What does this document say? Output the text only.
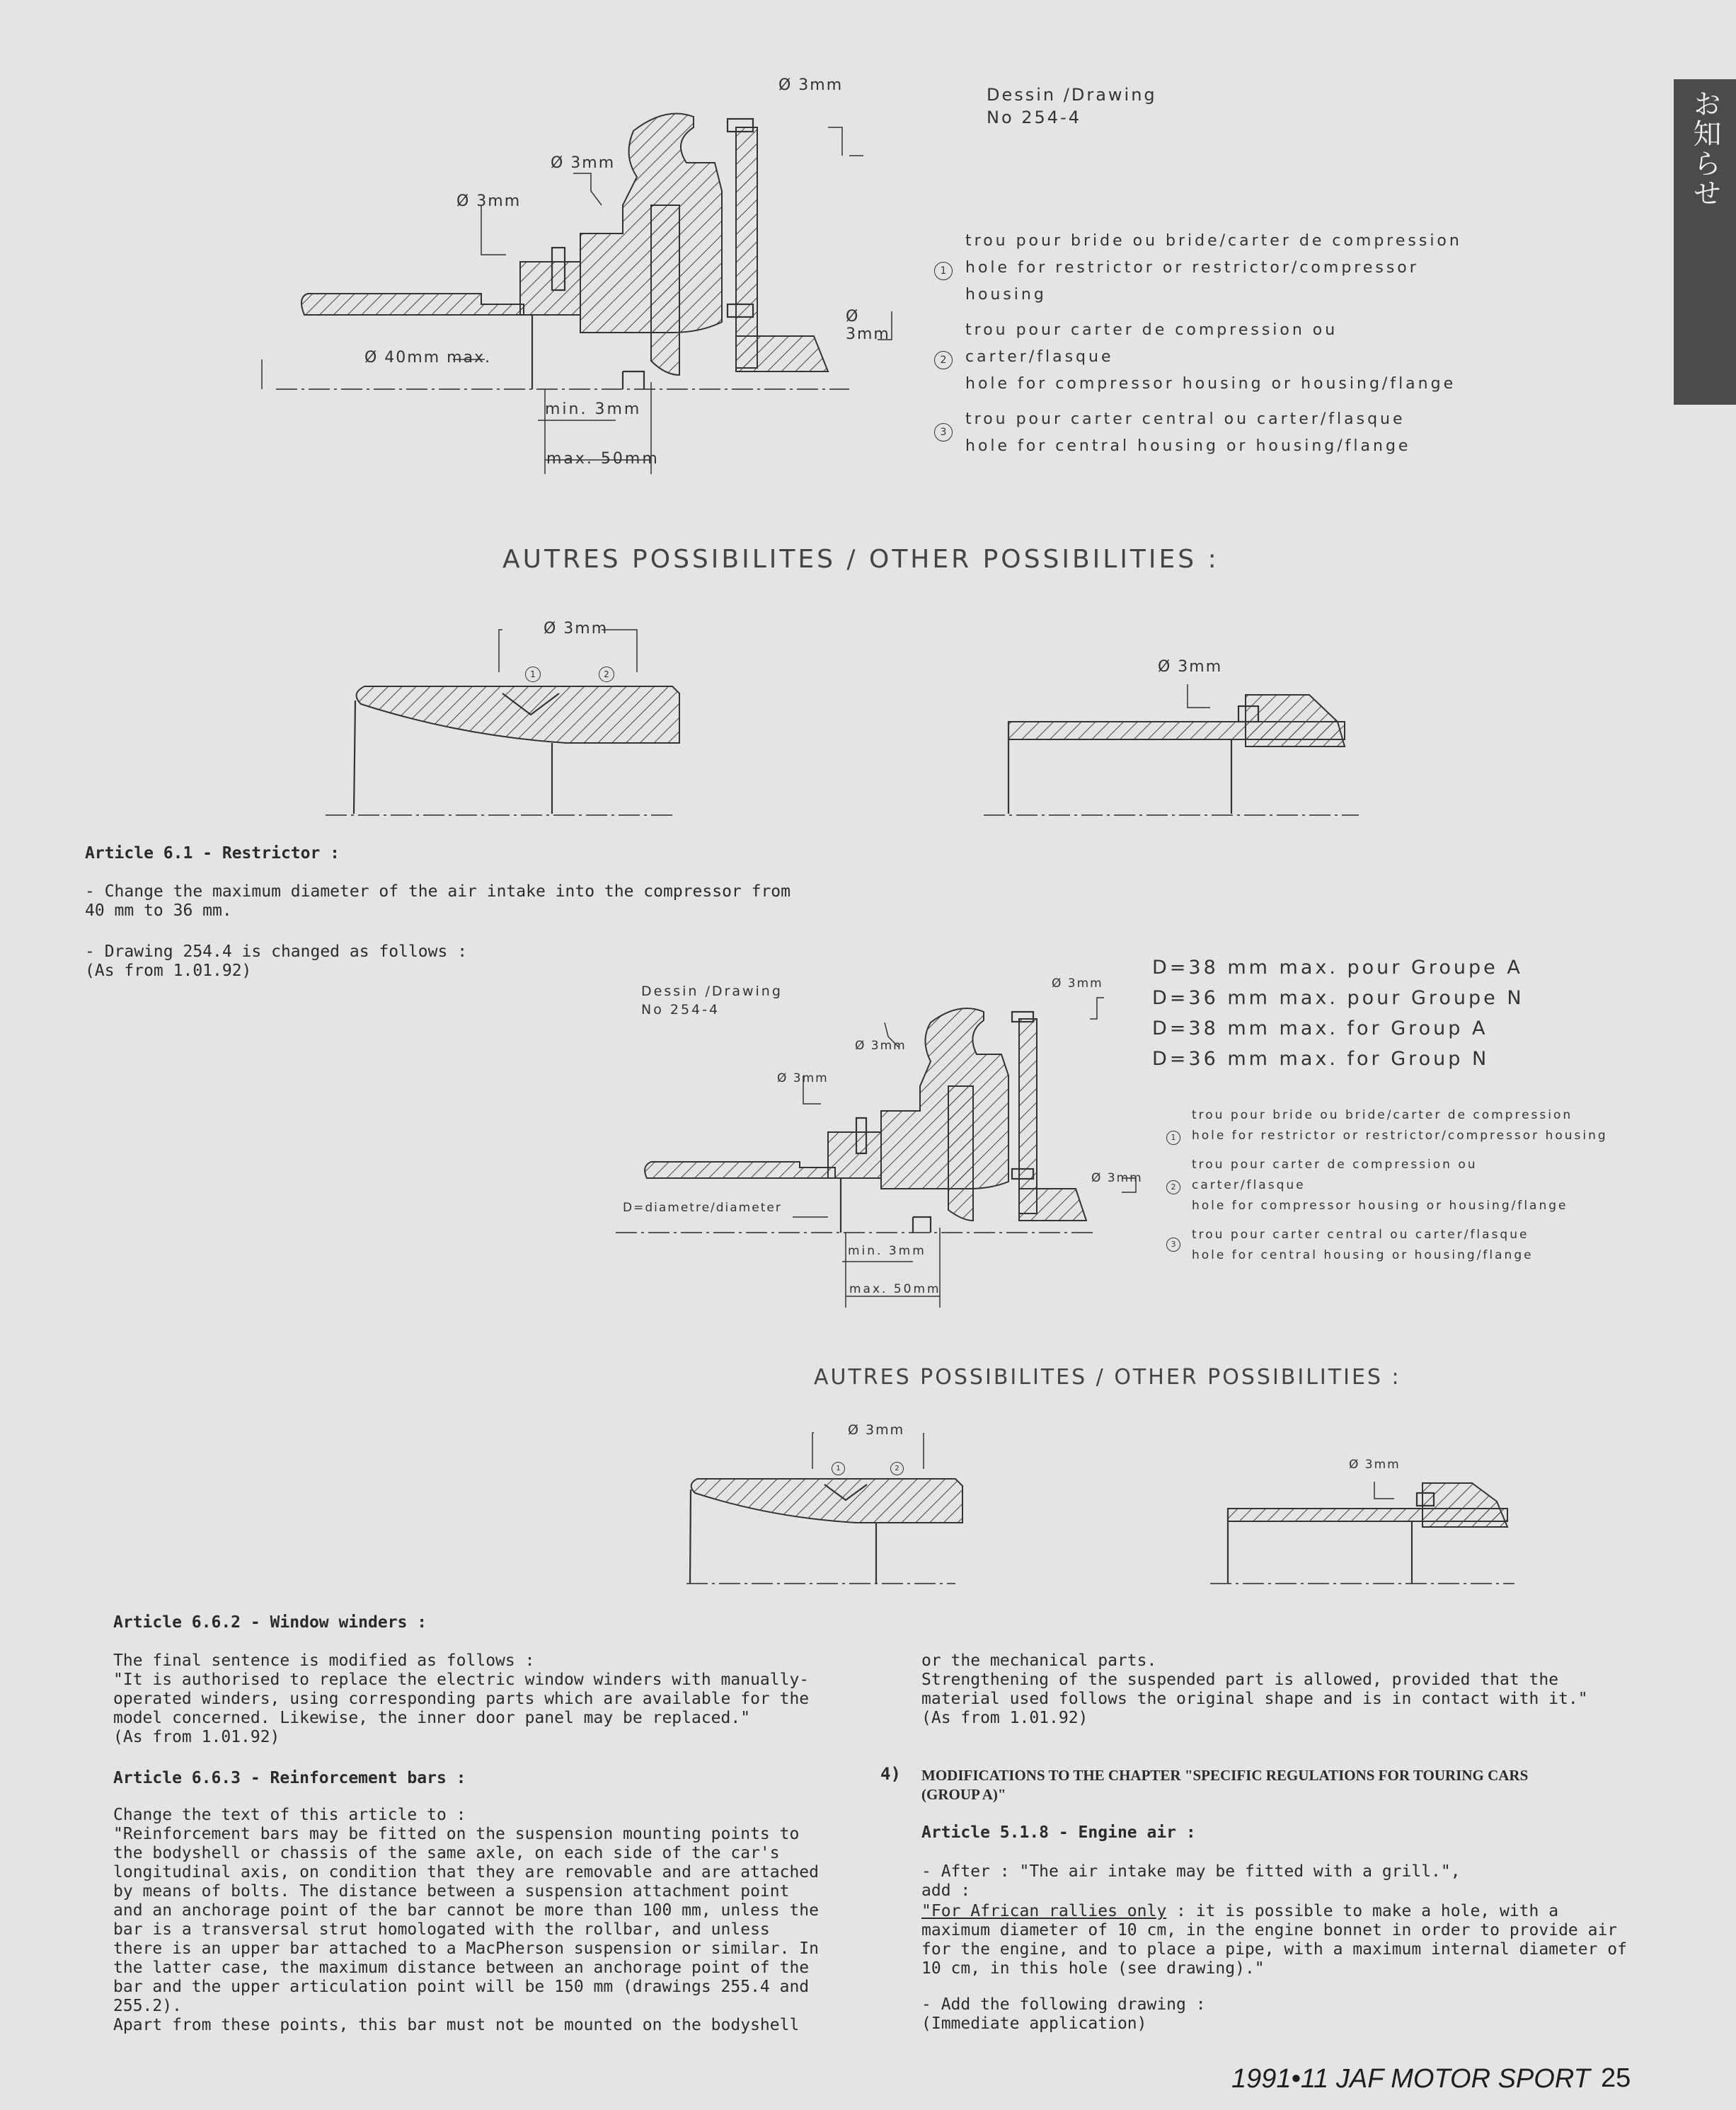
お知らせ
Ø 3mm
Ø 3mm
Ø 3mm
Ø 3mm
Ø 40mm max.
min. 3mm
max. 50mm
Dessin /Drawing
No 254-4
1
trou pour bride ou bride/carter de compression
hole for restrictor or restrictor/compressor housing
2
trou pour carter de compression ou carter/flasque
hole for compressor housing or housing/flange
3
trou pour carter central ou carter/flasque
hole for central housing or housing/flange
AUTRES POSSIBILITES / OTHER POSSIBILITIES :
Ø 3mm
1	2	Ø 3mm
Article 6.1 - Restrictor :
- Change the maximum diameter of the air intake into the compressor from
40 mm to 36 mm.
- Drawing 254.4 is changed as follows :
(As from 1.01.92)
Dessin /Drawing
No 254-4
Ø 3mm
Ø 3mm
Ø 3mm
Ø 3mm
D=diametre/diameter
min. 3mm
max. 50mm
D=38 mm max. pour Groupe A
D=36 mm max. pour Groupe N
D=38 mm max. for Group A
D=36 mm max. for Group N
1
trou pour bride ou bride/carter de compression
hole for restrictor or restrictor/compressor housing
2
trou pour carter de compression ou carter/flasque
hole for compressor housing or housing/flange
3
trou pour carter central ou carter/flasque
hole for central housing or housing/flange
AUTRES POSSIBILITES / OTHER POSSIBILITIES :
Ø 3mm
1	2	Ø 3mm
Article 6.6.2 - Window winders :
The final sentence is modified as follows :
"It is authorised to replace the electric window winders with manually-
operated winders, using corresponding parts which are available for the
model concerned. Likewise, the inner door panel may be replaced."
(As from 1.01.92)
Article 6.6.3 - Reinforcement bars :
Change the text of this article to :
"Reinforcement bars may be fitted on the suspension mounting points to
the bodyshell or chassis of the same axle, on each side of the car's
longitudinal axis, on condition that they are removable and are attached
by means of bolts. The distance between a suspension attachment point
and an anchorage point of the bar cannot be more than 100 mm, unless the
bar is a transversal strut homologated with the rollbar, and unless
there is an upper bar attached to a MacPherson suspension or similar. In
the latter case, the maximum distance between an anchorage point of the
bar and the upper articulation point will be 150 mm (drawings 255.4 and
255.2).
Apart from these points, this bar must not be mounted on the bodyshell
or the mechanical parts.
Strengthening of the suspended part is allowed, provided that the
material used follows the original shape and is in contact with it."
(As from 1.01.92)
4) MODIFICATIONS TO THE CHAPTER "SPECIFIC REGULATIONS FOR TOURING CARS
(GROUP A)"
Article 5.1.8 - Engine air :
- After : "The air intake may be fitted with a grill.",
add :
"For African rallies only : it is possible to make a hole, with a
maximum diameter of 10 cm, in the engine bonnet in order to provide air
for the engine, and to place a pipe, with a maximum internal diameter of
10 cm, in this hole (see drawing)."
- Add the following drawing :
(Immediate application)
1991•11 JAF MOTOR SPORT 25
